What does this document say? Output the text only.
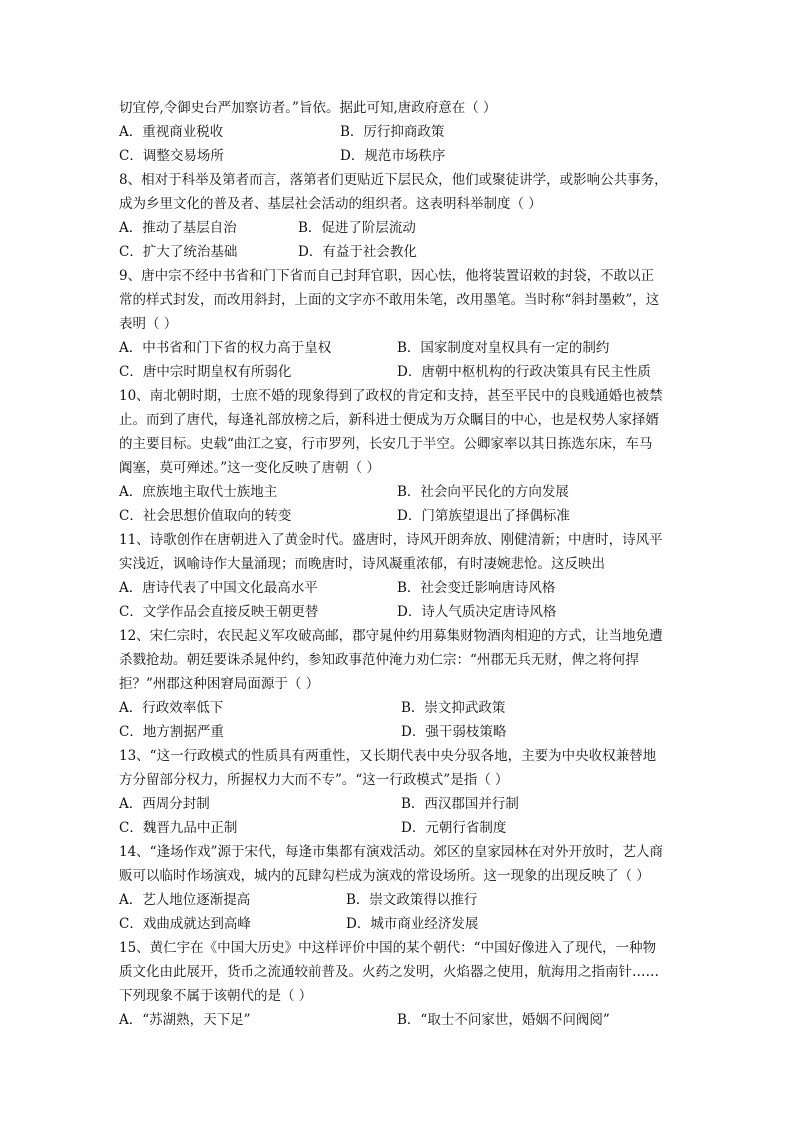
切宜停,令御史台严加察访者。”旨依。据此可知,唐政府意在（ ）
A．重视商业税收	B．厉行抑商政策
C．调整交易场所	D．规范市场秩序
8、相对于科举及第者而言，落第者们更贴近下层民众，他们或聚徒讲学，或影响公共事务，
成为乡里文化的普及者、基层社会活动的组织者。这表明科举制度（ ）
A．推动了基层自治	B．促进了阶层流动
C．扩大了统治基础	D．有益于社会教化
9、唐中宗不经中书省和门下省而自己封拜官职，因心怯，他将装置诏敕的封袋，不敢以正
常的样式封发，而改用斜封，上面的文字亦不敢用朱笔，改用墨笔。当时称“斜封墨敕”，这
表明（ ）
A．中书省和门下省的权力高于皇权	B．国家制度对皇权具有一定的制约
C．唐中宗时期皇权有所弱化	D．唐朝中枢机构的行政决策具有民主性质
10、南北朝时期，士庶不婚的现象得到了政权的肯定和支持，甚至平民中的良贱通婚也被禁
止。而到了唐代，每逢礼部放榜之后，新科进士便成为万众瞩目的中心，也是权势人家择婿
的主要目标。史载“曲江之宴，行市罗列，长安几于半空。公卿家率以其日拣选东床，车马
阗塞，莫可殚述。”这一变化反映了唐朝（ ）
A．庶族地主取代士族地主	B．社会向平民化的方向发展
C．社会思想价值取向的转变	D．门第族望退出了择偶标准
11、诗歌创作在唐朝进入了黄金时代。盛唐时，诗风开朗奔放、刚健清新；中唐时，诗风平
实浅近，讽喻诗作大量涌现；而晚唐时，诗风凝重浓郁，有时凄婉悲怆。这反映出
A．唐诗代表了中国文化最高水平	B．社会变迁影响唐诗风格
C．文学作品会直接反映王朝更替	D．诗人气质决定唐诗风格
12、宋仁宗时，农民起义军攻破高邮，郡守晁仲约用募集财物酒肉相迎的方式，让当地免遭
杀戮抢劫。朝廷要诛杀晁仲约，参知政事范仲淹力劝仁宗：“州郡无兵无财，俾之将何捍
拒？”州郡这种困窘局面源于（ ）
A．行政效率低下	B．崇文抑武政策
C．地方割据严重	D．强干弱枝策略
13、“这一行政模式的性质具有两重性，又长期代表中央分驭各地，主要为中央收权兼替地
方分留部分权力，所握权力大而不专”。“这一行政模式”是指（ ）
A．西周分封制	B．西汉郡国并行制
C．魏晋九品中正制	D．元朝行省制度
14、“逢场作戏”源于宋代，每逢市集都有演戏活动。郊区的皇家园林在对外开放时，艺人商
贩可以临时作场演戏，城内的瓦肆勾栏成为演戏的常设场所。这一现象的出现反映了（ ）
A．艺人地位逐渐提高	B．崇文政策得以推行
C．戏曲成就达到高峰	D．城市商业经济发展
15、黄仁宇在《中国大历史》中这样评价中国的某个朝代：“中国好像进入了现代，一种物
质文化由此展开，货币之流通较前普及。火药之发明，火焰器之使用，航海用之指南针……
下列现象不属于该朝代的是（ ）
A．“苏湖熟，天下足”	B．“取士不问家世，婚姻不问阀阅”
